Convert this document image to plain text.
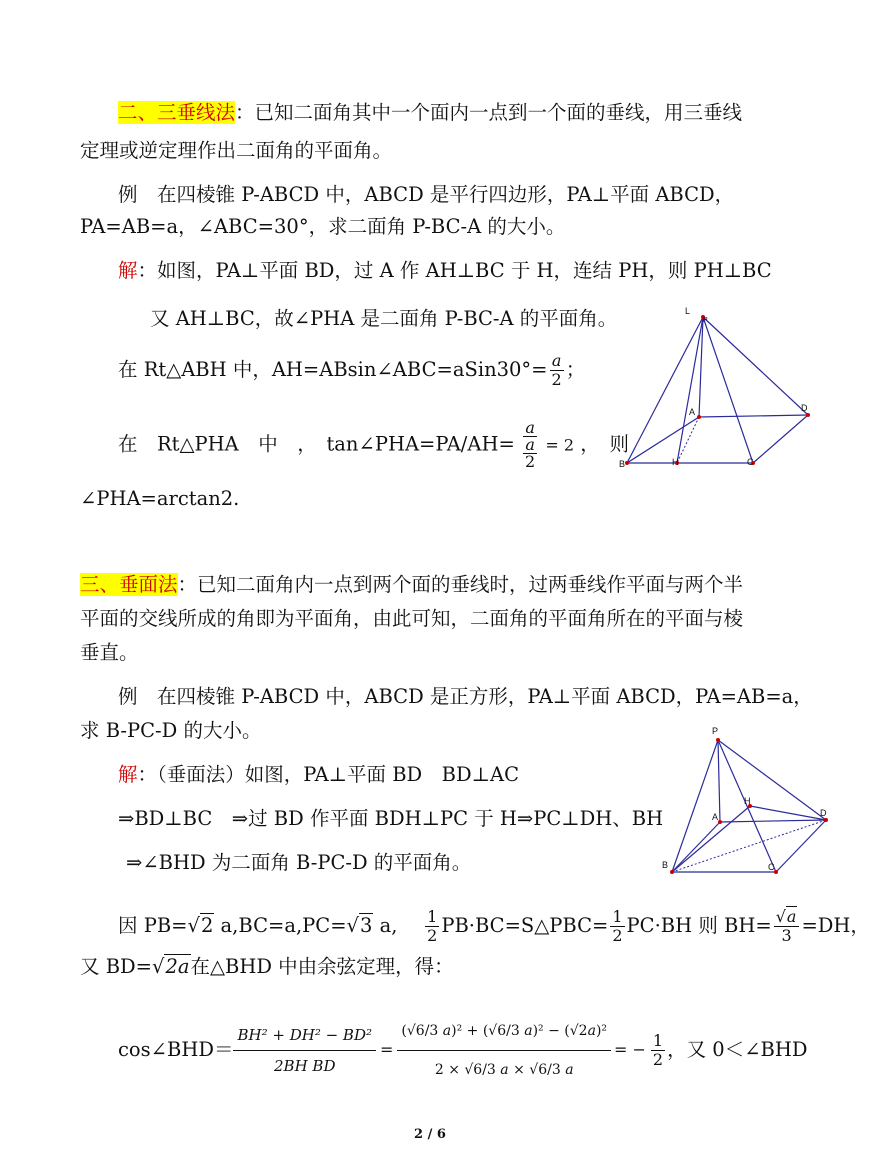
二、三垂线法：已知二面角其中一个面内一点到一个面的垂线，用三垂线
定理或逆定理作出二面角的平面角。
例　在四棱锥 P-ABCD 中，ABCD 是平行四边形，PA⊥平面 ABCD，
PA=AB=a，∠ABC=30°，求二面角 P-BC-A 的大小。
解：如图，PA⊥平面 BD，过 A 作 AH⊥BC 于 H，连结 PH，则 PH⊥BC
又 AH⊥BC，故∠PHA 是二面角 P-BC-A 的平面角。
在 Rt△ABH 中，AH=ABsin∠ABC=aSin30°= $\frac{a}{2}$ ；
在　Rt△PHA　中　，　tan∠PHA=PA/AH=
a
a
2
= 2 ，　则
∠PHA=arctan2.
L
P
A	D
B	H	C
三、垂面法：已知二面角内一点到两个面的垂线时，过两垂线作平面与两个半
平面的交线所成的角即为平面角，由此可知，二面角的平面角所在的平面与棱
垂直。
例　在四棱锥 P-ABCD 中，ABCD 是正方形，PA⊥平面 ABCD，PA=AB=a，
求 B-PC-D 的大小。
解：（垂面法）如图，PA⊥平面 BD　BD⊥AC
⇒BD⊥BC　⇒过 BD 作平面 BDH⊥PC 于 H⇒PC⊥DH、BH
⇒∠BHD 为二面角 B-PC-D 的平面角。
P
A
H
D
B	C
因 PB=√2 a,BC=a,PC=√3 a,　 $\frac{1}{2}$ PB·BC=S△PBC= $\frac{1}{2} PC\cdot BH$ 则 $BH= \frac{√a}{3} =DH$，
又 BD=√2a在△BHD 中由余弦定理，得：
cos∠BHD＝ $\frac{\text{BH² + DH² − BD²}}{\text{2BH BD}} = \frac{\text{(√6/3 a)² + (√6/3 a)² − (√2a)²}}{2 \times √6/3 a \times √6/3 a}$ = − $\frac{1}{2}$ ，又 0＜∠BHD
2 / 6
